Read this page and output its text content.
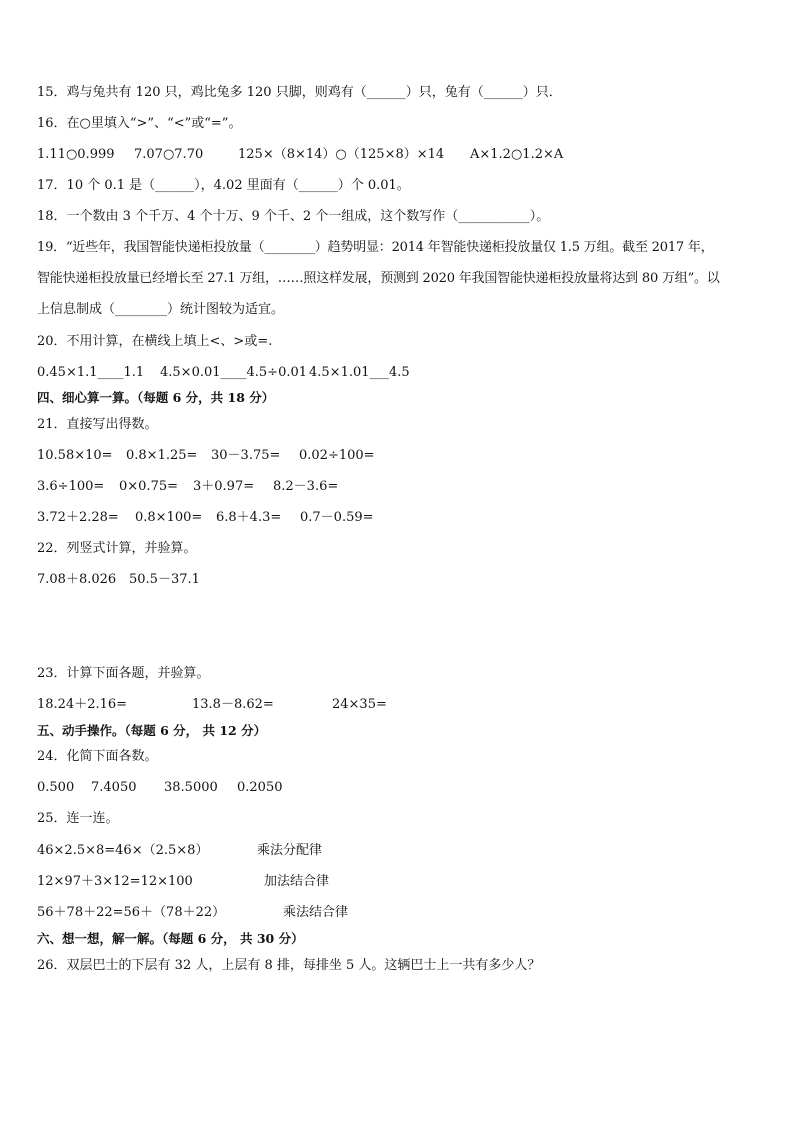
15．鸡与兔共有 120 只，鸡比兔多 120 只脚，则鸡有（______）只，兔有（______）只．
16．在○里填入“>”、“<”或“=”。
1.11○0.999 7.07○7.70	125×（8×14）○（125×8）×14 A×1.2○1.2×A
17．10 个 0.1 是（______），4.02 里面有（______）个 0.01。
18．一个数由 3 个千万、4 个十万、9 个千、2 个一组成，这个数写作（___________）。
19．“近些年，我国智能快递柜投放量（________）趋势明显：2014 年智能快递柜投放量仅 1.5 万组。截至 2017 年，
智能快递柜投放量已经增长至 27.1 万组，……照这样发展，预测到 2020 年我国智能快递柜投放量将达到 80 万组”。以
上信息制成（________）统计图较为适宜。
20．不用计算，在横线上填上<、>或=.
0.45×1.1____1.1 4.5×0.01____4.5÷0.01 4.5×1.01___4.5
四、细心算一算。（每题 6 分，共 18 分）
21．直接写出得数。
10.58×10= 0.8×1.25= 30－3.75= 0.02÷100=
3.6÷100= 0×0.75= 3＋0.97= 8.2－3.6=
3.72＋2.28= 0.8×100= 6.8＋4.3= 0.7－0.59=
22．列竖式计算，并验算。
7.08＋8.026 50.5－37.1
23．计算下面各题，并验算。
18.24＋2.16=	13.8－8.62=	24×35=
五、动手操作。（每题 6 分， 共 12 分）
24．化简下面各数。
0.500 7.4050 38.5000 0.2050
25．连一连。
46×2.5×8=46×（2.5×8）	乘法分配律
12×97＋3×12=12×100	加法结合律
56＋78＋22=56＋（78＋22）	乘法结合律
六、想一想，解一解。（每题 6 分， 共 30 分）
26．双层巴士的下层有 32 人，上层有 8 排，每排坐 5 人。这辆巴士上一共有多少人？
